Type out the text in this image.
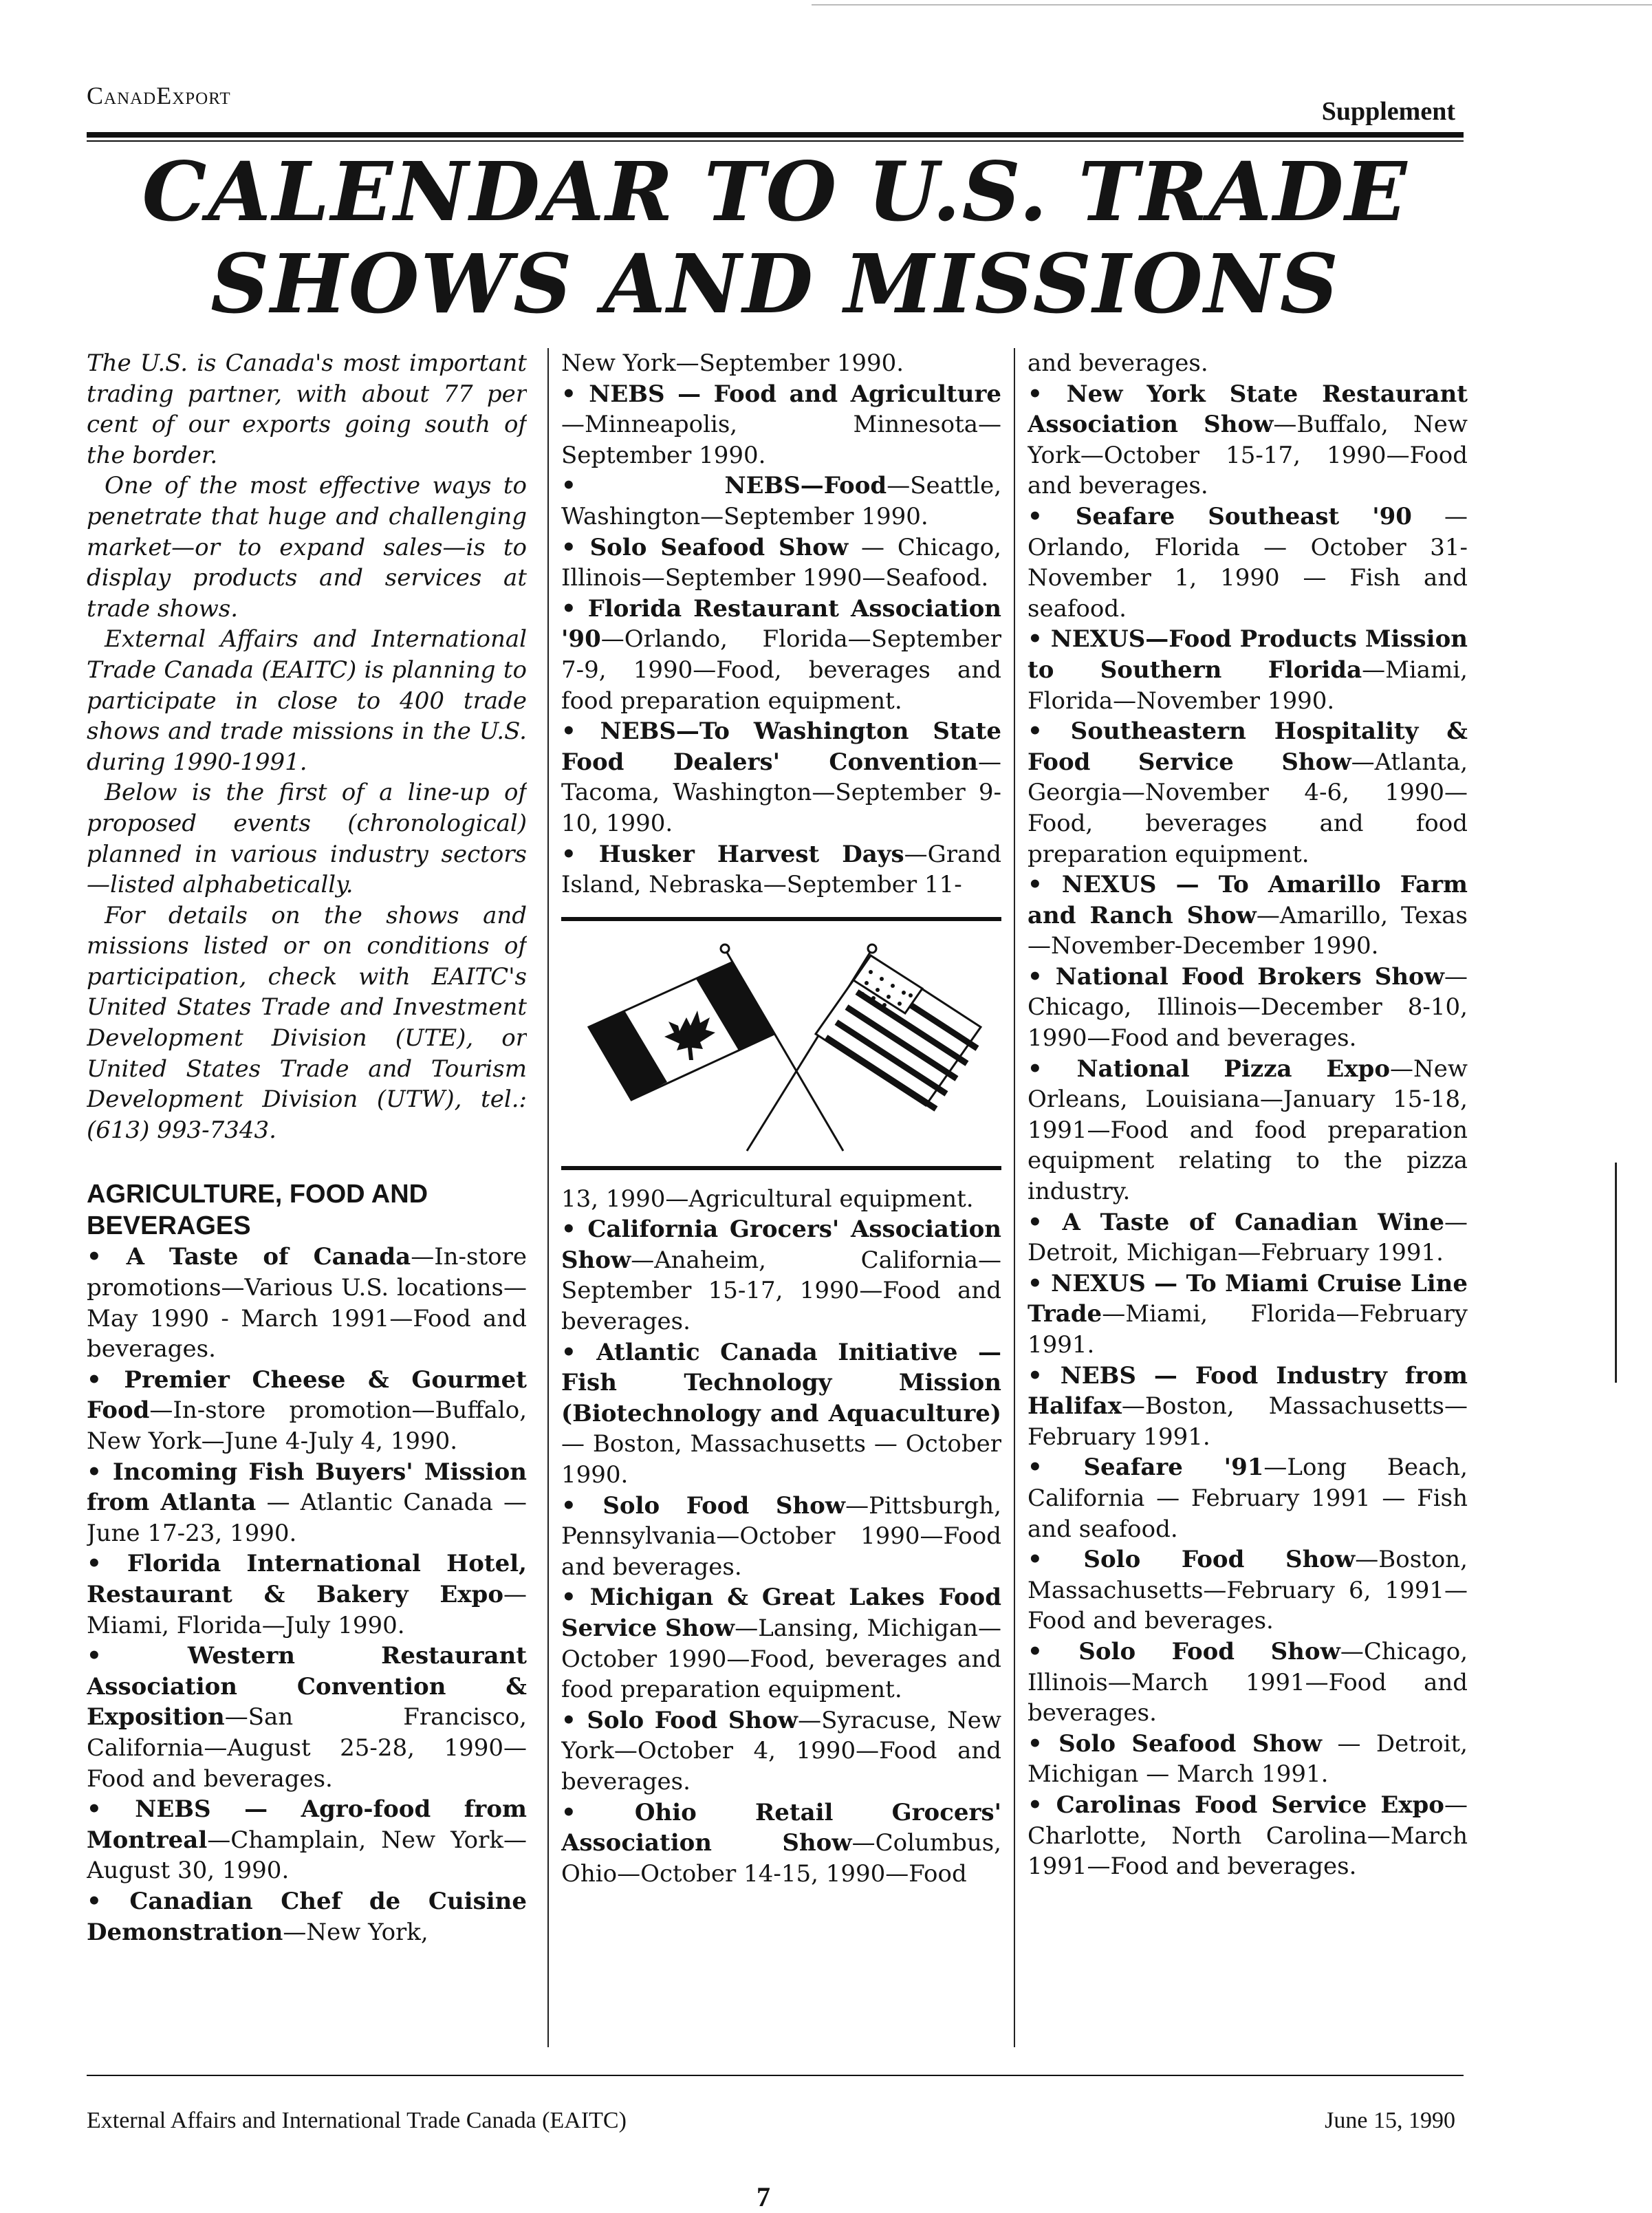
CanadExport
Supplement
CALENDAR TO U.S. TRADE
SHOWS AND MISSIONS

The U.S. is Canada's most important trading partner, with about 77 per cent of our exports going south of the border.

One of the most effective ways to penetrate that huge and challenging market—or to expand sales—is to display products and services at trade shows.

External Affairs and International Trade Canada (EAITC) is planning to participate in close to 400 trade shows and trade missions in the U.S. during 1990-1991.

Below is the first of a line-up of proposed events (chronological) planned in various industry sectors—listed alphabetically.

For details on the shows and missions listed or on conditions of participation, check with EAITC's United States Trade and Investment Development Division (UTE), or United States Trade and Tourism Development Division (UTW), tel.: (613) 993-7343.

AGRICULTURE, FOOD AND BEVERAGES

• A Taste of Canada—In-store promotions—Various U.S. locations—May 1990 - March 1991—Food and beverages.

• Premier Cheese & Gourmet Food—In-store promotion—Buffalo, New York—June 4-July 4, 1990.

• Incoming Fish Buyers' Mission from Atlanta — Atlantic Canada — June 17-23, 1990.

• Florida International Hotel, Restaurant & Bakery Expo—Miami, Florida—July 1990.

• Western Restaurant Association Convention & Exposition—San Francisco, California—August 25-28, 1990—Food and beverages.

• NEBS — Agro-food from Montreal—Champlain, New York—August 30, 1990.

• Canadian Chef de Cuisine Demonstration—New York,

New York—September 1990.

• NEBS — Food and Agriculture—Minneapolis, Minnesota—September 1990.

• NEBS—Food—Seattle, Washington—September 1990.

• Solo Seafood Show — Chicago, Illinois—September 1990—Seafood.

• Florida Restaurant Association '90—Orlando, Florida—September 7-9, 1990—Food, beverages and food preparation equipment.

• NEBS—To Washington State Food Dealers' Convention—Tacoma, Washington—September 9-10, 1990.

• Husker Harvest Days—Grand Island, Nebraska—September 11-

13, 1990—Agricultural equipment.

• California Grocers' Association Show—Anaheim, California— September 15-17, 1990—Food and beverages.

• Atlantic Canada Initiative — Fish Technology Mission (Biotechnology and Aquaculture) — Boston, Massachusetts — October 1990.

• Solo Food Show—Pittsburgh, Pennsylvania—October 1990—Food and beverages.

• Michigan & Great Lakes Food Service Show—Lansing, Michigan—October 1990—Food, beverages and food preparation equipment.

• Solo Food Show—Syracuse, New York—October 4, 1990—Food and beverages.

• Ohio Retail Grocers' Association Show—Columbus, Ohio—October 14-15, 1990—Food

and beverages.

• New York State Restaurant Association Show—Buffalo, New York—October 15-17, 1990—Food and beverages.

• Seafare Southeast '90 — Orlando, Florida — October 31-November 1, 1990 — Fish and seafood.

• NEXUS—Food Products Mission to Southern Florida—Miami, Florida—November 1990.

• Southeastern Hospitality & Food Service Show—Atlanta, Georgia—November 4-6, 1990—Food, beverages and food preparation equipment.

• NEXUS — To Amarillo Farm and Ranch Show—Amarillo, Texas—November-December 1990.

• National Food Brokers Show—Chicago, Illinois—December 8-10, 1990—Food and beverages.

• National Pizza Expo—New Orleans, Louisiana—January 15-18, 1991—Food and food preparation equipment relating to the pizza industry.

• A Taste of Canadian Wine—Detroit, Michigan—February 1991.

• NEXUS — To Miami Cruise Line Trade—Miami, Florida—February 1991.

• NEBS — Food Industry from Halifax—Boston, Massachusetts—February 1991.

• Seafare '91—Long Beach, California — February 1991 — Fish and seafood.

• Solo Food Show—Boston, Massachusetts—February 6, 1991—Food and beverages.

• Solo Food Show—Chicago, Illinois—March 1991—Food and beverages.

• Solo Seafood Show — Detroit, Michigan — March 1991.

• Carolinas Food Service Expo—Charlotte, North Carolina—March 1991—Food and beverages.

External Affairs and International Trade Canada (EAITC)	June 15, 1990
7
